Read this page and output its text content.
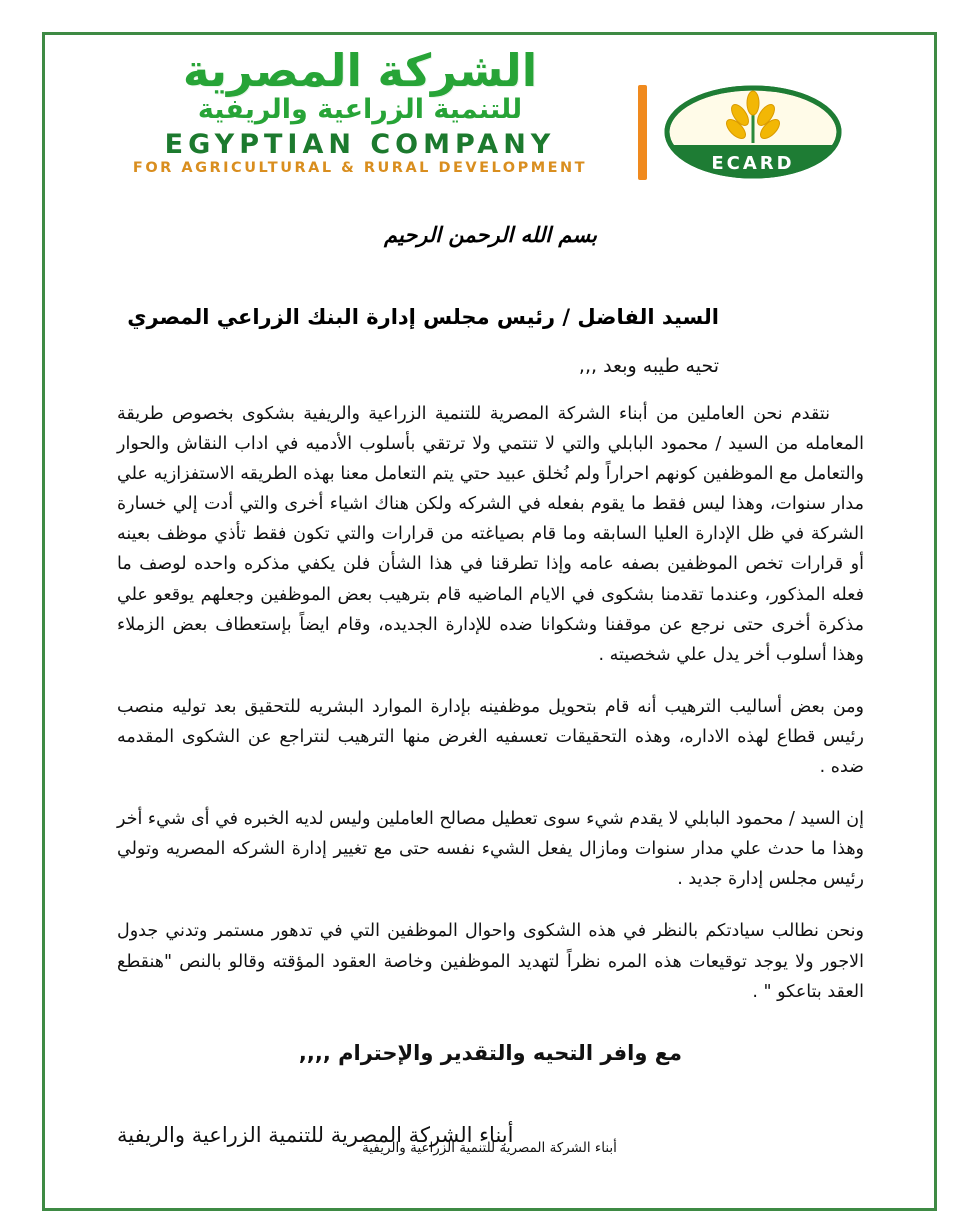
الشركة المصرية
للتنمية الزراعية والريفية
EGYPTIAN COMPANY
FOR AGRICULTURAL & RURAL DEVELOPMENT	ECARD
بسم الله الرحمن الرحيم
السيد الفاضل / رئيس مجلس إدارة البنك الزراعي المصري
تحيه طيبه وبعد ,,,

نتقدم نحن العاملين من أبناء الشركة المصرية للتنمية الزراعية والريفية بشكوى بخصوص طريقة المعامله من السيد / محمود البابلي والتي لا تنتمي ولا ترتقي بأسلوب الأدميه في اداب النقاش والحوار والتعامل مع الموظفين كونهم احراراً ولم نُخلق عبيد حتي يتم التعامل معنا بهذه الطريقه الاستفزازيه علي مدار سنوات، وهذا ليس فقط ما يقوم بفعله في الشركه ولكن هناك اشياء أخرى والتي أدت إلي خسارة الشركة في ظل الإدارة العليا السابقه وما قام بصياغته من قرارات والتي تكون فقط تأذي موظف بعينه أو قرارات تخص الموظفين بصفه عامه وإذا تطرقنا في هذا الشأن فلن يكفي مذكره واحده لوصف ما فعله المذكور، وعندما تقدمنا بشكوى في الايام الماضيه قام بترهيب بعض الموظفين وجعلهم يوقعو علي مذكرة أخرى حتى نرجع عن موقفنا وشكوانا ضده للإدارة الجديده، وقام ايضاً بإستعطاف بعض الزملاء وهذا أسلوب أخر يدل علي شخصيته .

ومن بعض أساليب الترهيب أنه قام بتحويل موظفينه بإدارة الموارد البشريه للتحقيق بعد توليه منصب رئيس قطاع لهذه الاداره، وهذه التحقيقات تعسفيه الغرض منها الترهيب لنتراجع عن الشكوى المقدمه ضده .

إن السيد / محمود البابلي لا يقدم شيء سوى تعطيل مصالح العاملين وليس لديه الخبره في أى شيء أخر وهذا ما حدث علي مدار سنوات ومازال يفعل الشيء نفسه حتى مع تغيير إدارة الشركه المصريه وتولي رئيس مجلس إدارة جديد .

ونحن نطالب سيادتكم بالنظر في هذه الشكوى واحوال الموظفين التي في تدهور مستمر وتدني جدول الاجور ولا يوجد توقيعات هذه المره نظراً لتهديد الموظفين وخاصة العقود المؤقته وقالو بالنص "هنقطع العقد بتاعكو " .

مع وافر التحيه والتقدير والإحترام ,,,,
أبناء الشركة المصرية للتنمية الزراعية والريفية
أبناء الشركة المصرية للتنمية الزراعية والريفية
